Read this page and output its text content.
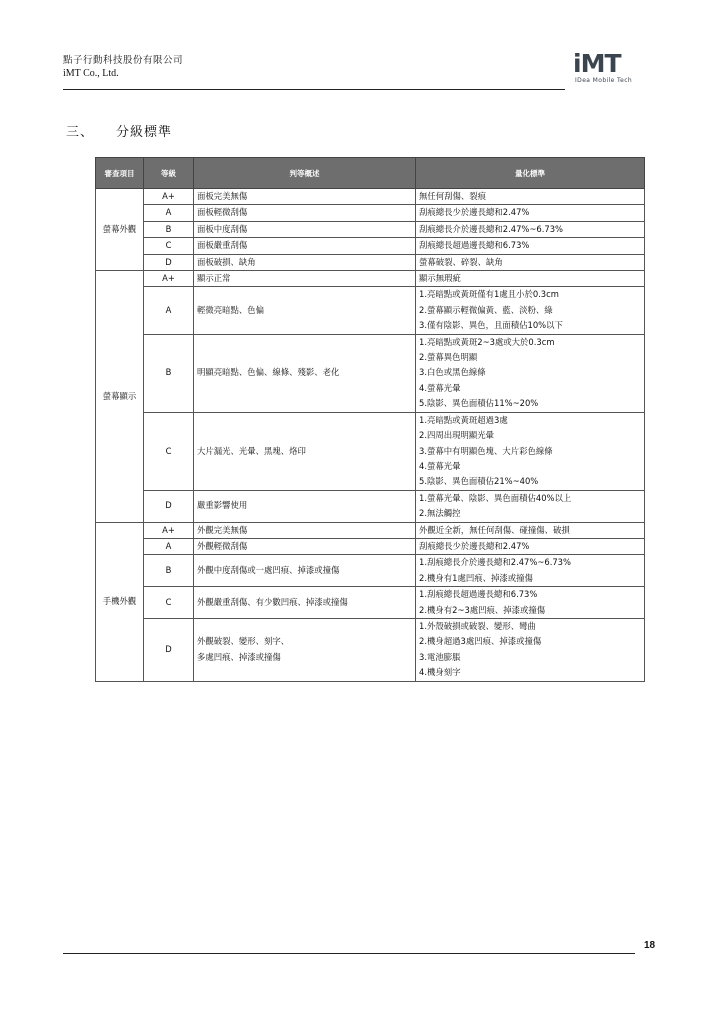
點子行動科技股份有限公司
iMT Co., Ltd.	iMT
IDea Mobile Tech
三、 分級標準
審查項目	等級	判等概述	量化標準
螢幕外觀	A+	面板完美無傷	無任何刮傷、裂痕

	A	面板輕微刮傷	刮痕總長少於邊長總和2.47%

	B	面板中度刮傷	刮痕總長介於邊長總和2.47%~6.73%

	C	面板嚴重刮傷	刮痕總長超過邊長總和6.73%

	D	面板破損、缺角	螢幕破裂、碎裂、缺角

螢幕顯示	A+	顯示正常	顯示無瑕疵

	A	輕微亮暗點、色偏	1.亮暗點或黃斑僅有1處且小於0.3cm
2.螢幕顯示輕微偏黃、藍、淡粉、綠
3.僅有陰影、異色，且面積佔10%以下

	B	明顯亮暗點、色偏、線條、殘影、老化	1.亮暗點或黃斑2~3處或大於0.3cm
2.螢幕異色明顯
3.白色或黑色線條
4.螢幕光暈
5.陰影、異色面積佔11%~20%

	C	大片漏光、光暈、黑塊、烙印	1.亮暗點或黃斑超過3處
2.四周出現明顯光暈
3.螢幕中有明顯色塊、大片彩色線條
4.螢幕光暈
5.陰影、異色面積佔21%~40%

	D	嚴重影響使用	1.螢幕光暈、陰影、異色面積佔40%以上
2.無法觸控

手機外觀	A+	外觀完美無傷	外觀近全新，無任何刮傷、碰撞傷、破損

	A	外觀輕微刮傷	刮痕總長少於邊長總和2.47%

	B	外觀中度刮傷或一處凹痕、掉漆或撞傷	1.刮痕總長介於邊長總和2.47%~6.73%
2.機身有1處凹痕、掉漆或撞傷

	C	外觀嚴重刮傷、有少數凹痕、掉漆或撞傷	1.刮痕總長超過邊長總和6.73%
2.機身有2~3處凹痕、掉漆或撞傷

	D	外觀破裂、變形、刻字、
多處凹痕、掉漆或撞傷	1.外殼破損或破裂、變形、彎曲
2.機身超過3處凹痕、掉漆或撞傷
3.電池膨脹
4.機身刻字
18
